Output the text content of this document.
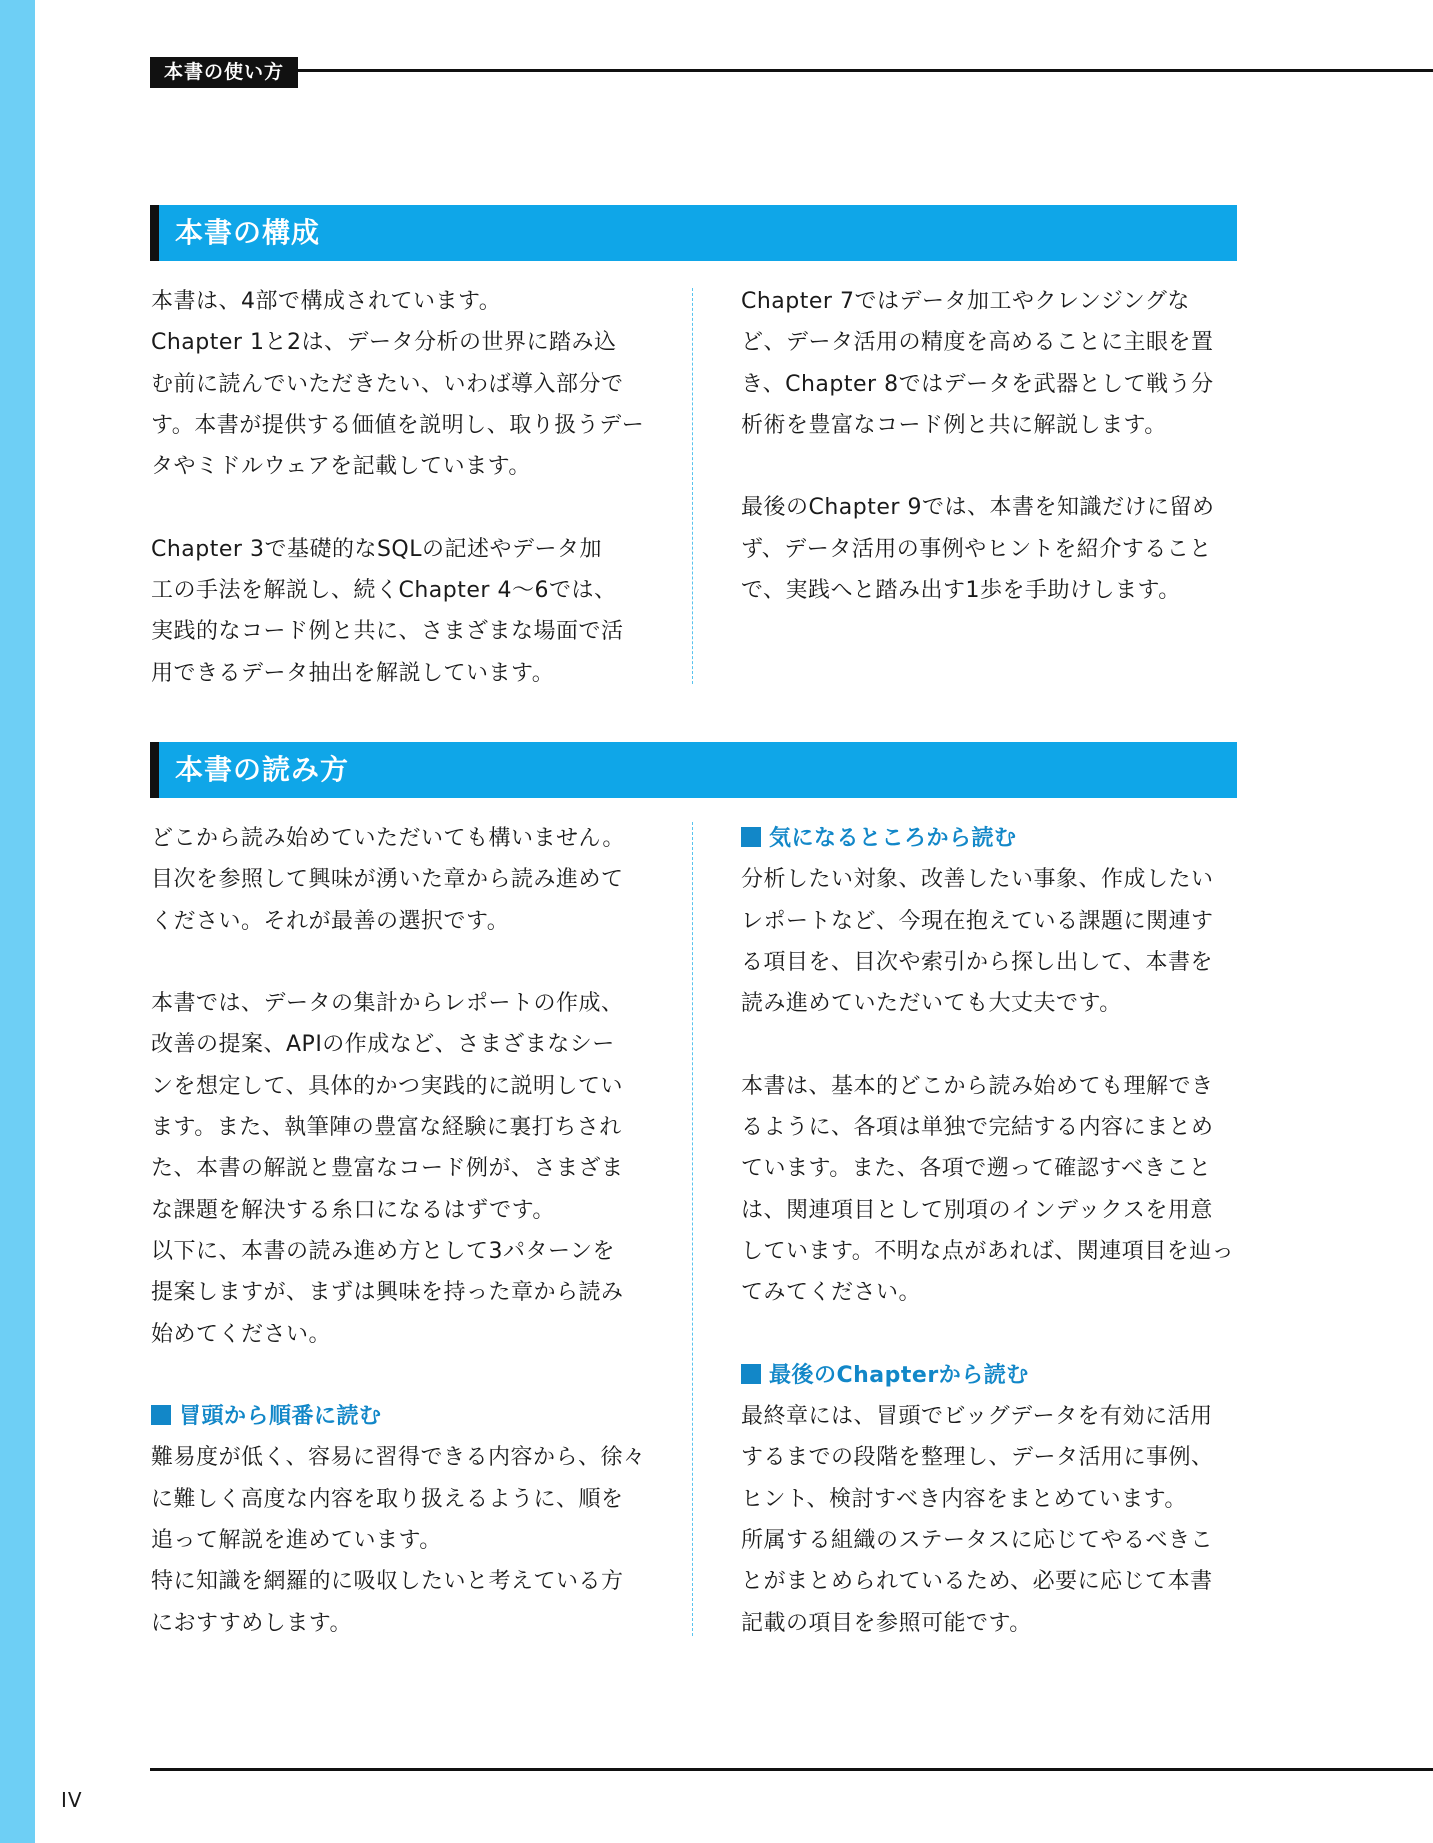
本書の使い方
本書の構成

本書は、4部で構成されています。

Chapter 1と2は、データ分析の世界に踏み込

む前に読んでいただきたい、いわば導入部分で

す。本書が提供する価値を説明し、取り扱うデー

タやミドルウェアを記載しています。

Chapter 3で基礎的なSQLの記述やデータ加

工の手法を解説し、続くChapter 4〜6では、

実践的なコード例と共に、さまざまな場面で活

用できるデータ抽出を解説しています。

Chapter 7ではデータ加工やクレンジングな

ど、データ活用の精度を高めることに主眼を置

き、Chapter 8ではデータを武器として戦う分

析術を豊富なコード例と共に解説します。

最後のChapter 9では、本書を知識だけに留め

ず、データ活用の事例やヒントを紹介すること

で、実践へと踏み出す1歩を手助けします。

本書の読み方

どこから読み始めていただいても構いません。

目次を参照して興味が湧いた章から読み進めて

ください。それが最善の選択です。

本書では、データの集計からレポートの作成、

改善の提案、APIの作成など、さまざまなシー

ンを想定して、具体的かつ実践的に説明してい

ます。また、執筆陣の豊富な経験に裏打ちされ

た、本書の解説と豊富なコード例が、さまざま

な課題を解決する糸口になるはずです。

以下に、本書の読み進め方として3パターンを

提案しますが、まずは興味を持った章から読み

始めてください。

冒頭から順番に読む

難易度が低く、容易に習得できる内容から、徐々

に難しく高度な内容を取り扱えるように、順を

追って解説を進めています。

特に知識を網羅的に吸収したいと考えている方

におすすめします。

気になるところから読む

分析したい対象、改善したい事象、作成したい

レポートなど、今現在抱えている課題に関連す

る項目を、目次や索引から探し出して、本書を

読み進めていただいても大丈夫です。

本書は、基本的どこから読み始めても理解でき

るように、各項は単独で完結する内容にまとめ

ています。また、各項で遡って確認すべきこと

は、関連項目として別項のインデックスを用意

しています。不明な点があれば、関連項目を辿っ

てみてください。

最後のChapterから読む

最終章には、冒頭でビッグデータを有効に活用

するまでの段階を整理し、データ活用に事例、

ヒント、検討すべき内容をまとめています。

所属する組織のステータスに応じてやるべきこ

とがまとめられているため、必要に応じて本書

記載の項目を参照可能です。

IV
